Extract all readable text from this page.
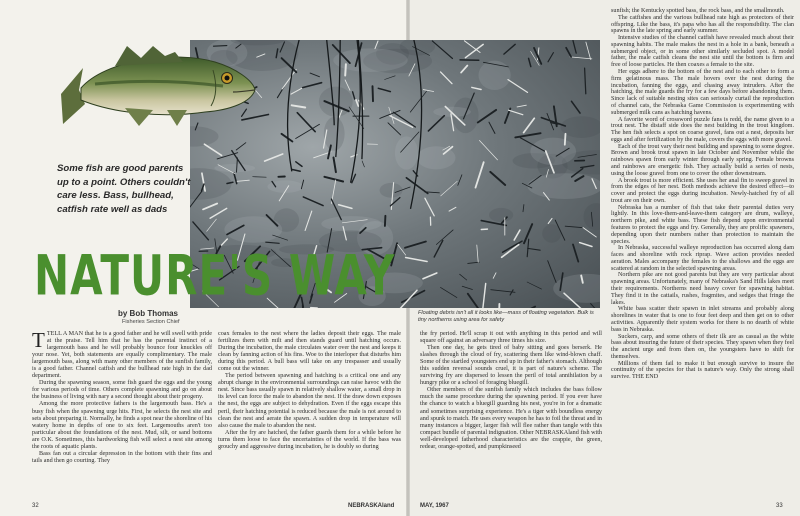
Floating debris isn't all it looks like—mass of floating vegetation. Bulk is tiny northerns using area for safety
Some fish are good parents up to a point. Others couldn't care less. Bass, bullhead, catfish rate well as dads
NATURE'S WAY
by Bob Thomas
Fisheries Section Chief

TTELL A MAN that he is a good father and he will swell with pride at the praise. Tell him that he has the parental instinct of a largemouth bass and he will probably bounce four knuckles off your nose. Yet, both statements are equally complimentary. The male largemouth bass, along with many other members of the sunfish family, is a good father. Channel catfish and the bullhead rate high in the dad department.

During the spawning season, some fish guard the eggs and the young for various periods of time. Others complete spawning and go on about the business of living with nary a second thought about their progeny.

Among the more protective fathers is the largemouth bass. He's a busy fish when the spawning urge hits. First, he selects the nest site and sets about preparing it. Normally, he finds a spot near the shoreline of his watery home in depths of one to six feet. Largemouths aren't too particular about the foundations of the nest. Mud, silt, or sand bottoms are O.K. Sometimes, this hardworking fish will select a nest site among the roots of aquatic plants.

Bass fan out a circular depression in the bottom with their fins and tails and then go courting. They

coax females to the nest where the ladies deposit their eggs. The male fertilizes them with milt and then stands guard until hatching occurs. During the incubation, the male circulates water over the nest and keeps it clean by fanning action of his fins. Woe to the interloper that disturbs him during this period. A bull bass will take on any trespasser and usually come out the winner.

The period between spawning and hatching is a critical one and any abrupt change in the environmental surroundings can raise havoc with the nest. Since bass usually spawn in relatively shallow water, a small drop in its level can force the male to abandon the nest. If the draw down exposes the nest, the eggs are subject to dehydration. Even if the eggs escape this peril, their hatching potential is reduced because the male is not around to clean the nest and aerate the spawn. A sudden drop in temperature will also cause the male to abandon the nest.

After the fry are hatched, the father guards them for a while before he turns them loose to face the uncertainties of the world. If the bass was grouchy and aggressive during incubation, he is doubly so during

the fry period. He'll scrap it out with anything in this period and will square off against an adversary three times his size.

Then one day, he gets tired of baby sitting and goes berserk. He slashes through the cloud of fry, scattering them like wind-blown chaff. Some of the startled youngsters end up in their father's stomach. Although this sudden reversal sounds cruel, it is part of nature's scheme. The surviving fry are dispersed to lessen the peril of total annihilation by a hungry pike or a school of foraging bluegill.

Other members of the sunfish family which includes the bass follow much the same procedure during the spawning period. If you ever have the chance to watch a bluegill guarding his nest, you're in for a dramatic and sometimes surprising experience. He's a tiger with boundless energy and spunk to match. He uses every weapon he has to foil the threat and in many instances a bigger, larger fish will flee rather than tangle with this compact bundle of parental indignation. Other NEBRASKAland fish with well-developed fatherhood characteristics are the crappie, the green, redear, orange-spotted, and pumpkinseed

sunfish; the Kentucky spotted bass, the rock bass, and the smallmouth.

The catfishes and the various bullhead rate high as protectors of their offspring. Like the bass, it's papa who has all the responsibility. The clan spawns in the late spring and early summer.

Intensive studies of the channel catfish have revealed much about their spawning habits. The male makes the nest in a hole in a bank, beneath a submerged object, or in some other similarly secluded spot. A model father, the male catfish cleans the nest site until the bottom is firm and free of loose particles. He then coaxes a female to the site.

Her eggs adhere to the bottom of the nest and to each other to form a firm gelatinous mass. The male hovers over the nest during the incubation, fanning the eggs, and chasing away intruders. After the hatching, the male guards the fry for a few days before abandoning them. Since lack of suitable nesting sites can seriously curtail the reproduction of channel cats, the Nebraska Game Commission is experimenting with submerged milk cans as hatching havens.

A favorite word of crossword puzzle fans is redd, the name given to a trout nest. The distaff side does the nest building in the trout kingdom. The hen fish selects a spot on coarse gravel, fans out a nest, deposits her eggs and after fertilization by the male, covers the eggs with more gravel.

Each of the trout vary their nest building and spawning to some degree. Brown and brook trout spawn in late October and November while the rainbows spawn from early winter through early spring. Female browns and rainbows are energetic fish. They actually build a series of nests, using the loose gravel from one to cover the other downstream.

A brook trout is more efficient. She uses her anal fin to sweep gravel in from the edges of her nest. Both methods achieve the desired effect—to cover and protect the eggs during incubation. Newly-hatched fry of all trout are on their own.

Nebraska has a number of fish that take their parental duties very lightly. In this love-them-and-leave-them category are drum, walleye, northern pike, and white bass. These fish depend upon environmental features to protect the eggs and fry. Generally, they are prolific spawners, depending upon their numbers rather than protection to maintain the species.

In Nebraska, successful walleye reproduction has occurred along dam faces and shoreline with rock riprap. Wave action provides needed aeration. Males accompany the females to the shallows and the eggs are scattered at random in the selected spawning areas.

Northern pike are not good parents but they are very particular about spawning areas. Unfortunately, many of Nebraska's Sand Hills lakes meet their requirements. Northerns need heavy cover for spawning habitat. They find it in the cattails, rushes, fragmites, and sedges that fringe the lakes.

White bass scatter their spawn in inlet streams and probably along shorelines in water that is one to four feet deep and then get on to other activities. Apparently their system works for there is no dearth of white bass in Nebraska.

Suckers, carp, and some others of their ilk are as casual as the white bass about insuring the future of their species. They spawn when they feel the ancient urge and from then on, the youngsters have to shift for themselves.

Millions of them fail to make it but enough survive to insure the continuity of the species for that is nature's way. Only the strong shall survive. THE END

32	NEBRASKAland	MAY, 1967	33
